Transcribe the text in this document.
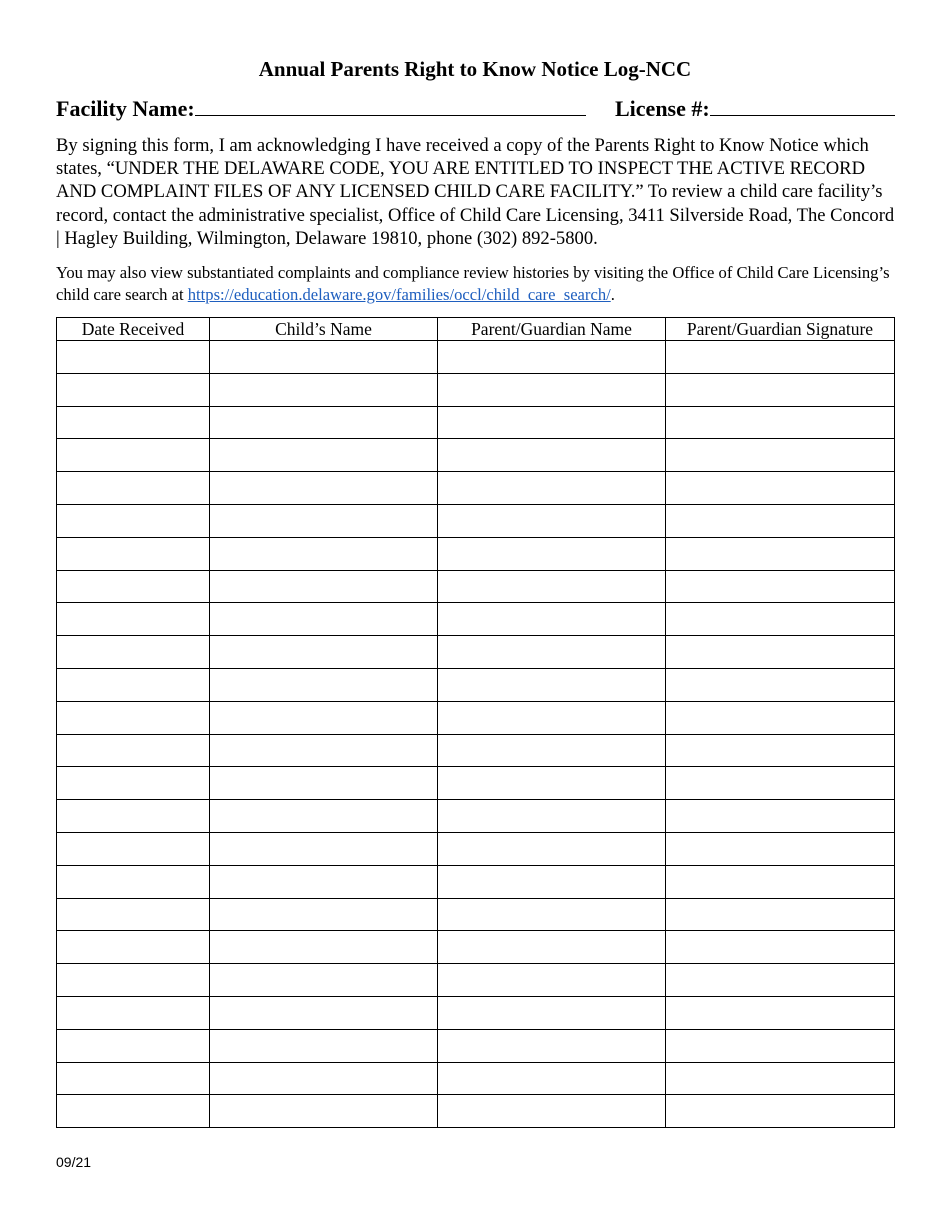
Annual Parents Right to Know Notice Log-NCC
Facility Name:	License #:

By signing this form, I am acknowledging I have received a copy of the Parents Right to Know Notice which states, “UNDER THE DELAWARE CODE, YOU ARE ENTITLED TO INSPECT THE ACTIVE RECORD AND COMPLAINT FILES OF ANY LICENSED CHILD CARE FACILITY.” To review a child care facility’s record, contact the administrative specialist, Office of Child Care Licensing, 3411 Silverside Road, The Concord | Hagley Building, Wilmington, Delaware 19810, phone (302) 892-5800.

You may also view substantiated complaints and compliance review histories by visiting the Office of Child Care Licensing’s child care search at https://education.delaware.gov/families/occl/child_care_search/.

Date Received	Child’s Name	Parent/Guardian Name	Parent/Guardian Signature

09/21
